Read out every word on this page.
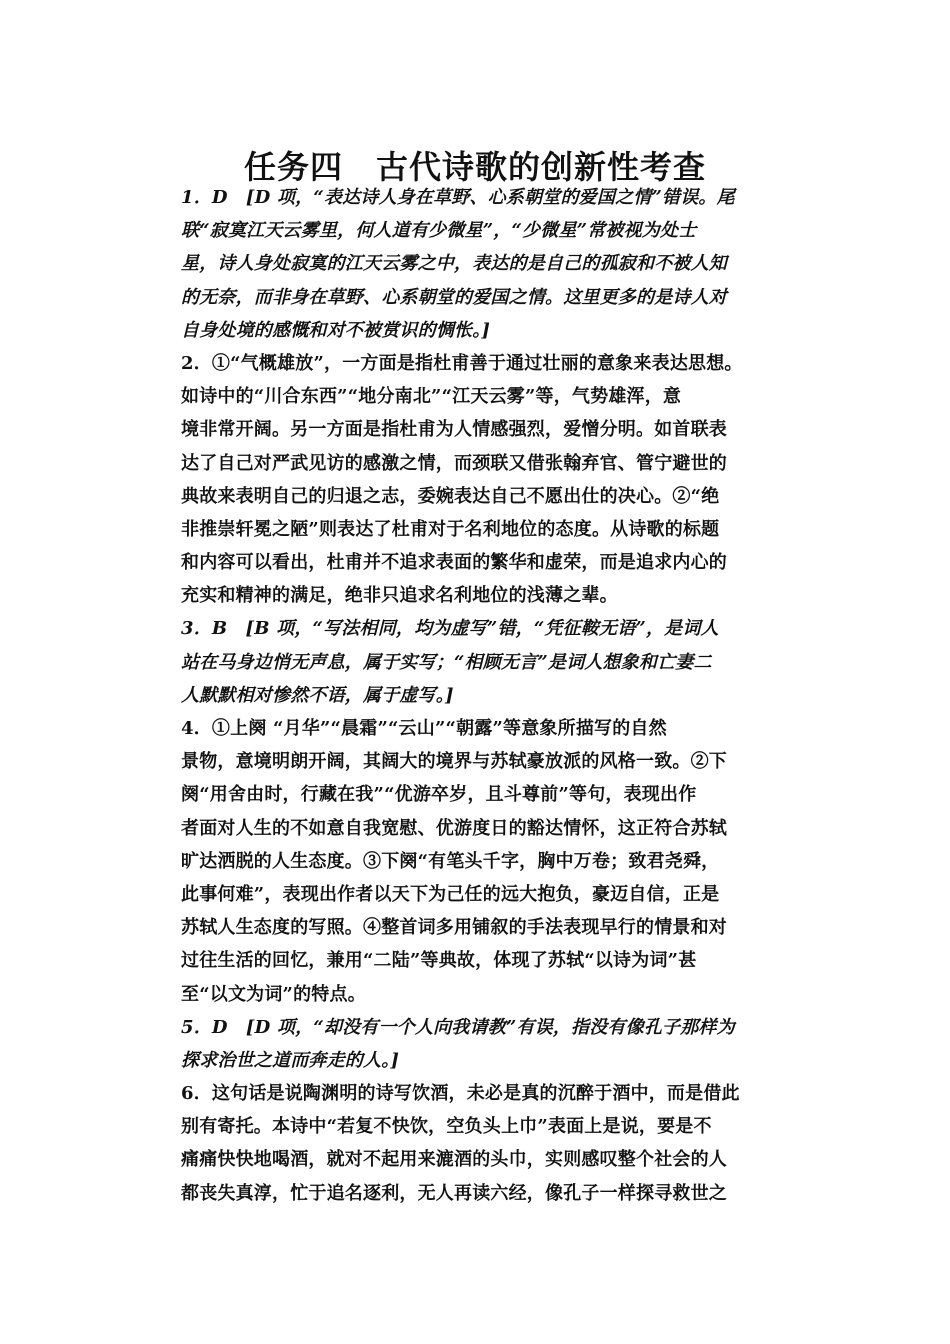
任务四　古代诗歌的创新性考查
1．D　[D 项，“表达诗人身在草野、心系朝堂的爱国之情”错误。尾
联“寂寞江天云雾里，何人道有少微星”，“少微星”常被视为处士
星，诗人身处寂寞的江天云雾之中，表达的是自己的孤寂和不被人知
的无奈，而非身在草野、心系朝堂的爱国之情。这里更多的是诗人对
自身处境的感慨和对不被赏识的惆怅。]
2．①“气概雄放”，一方面是指杜甫善于通过壮丽的意象来表达思想。
如诗中的“川合东西”“地分南北”“江天云雾”等，气势雄浑，意
境非常开阔。另一方面是指杜甫为人情感强烈，爱憎分明。如首联表
达了自己对严武见访的感激之情，而颈联又借张翰弃官、管宁避世的
典故来表明自己的归退之志，委婉表达自己不愿出仕的决心。②“绝
非推崇轩冕之陋”则表达了杜甫对于名利地位的态度。从诗歌的标题
和内容可以看出，杜甫并不追求表面的繁华和虚荣，而是追求内心的
充实和精神的满足，绝非只追求名利地位的浅薄之辈。
3．B　[B 项，“写法相同，均为虚写”错，“凭征鞍无语”，是词人
站在马身边悄无声息，属于实写；“相顾无言”是词人想象和亡妻二
人默默相对惨然不语，属于虚写。]
4．①上阕 “月华”“晨霜”“云山”“朝露”等意象所描写的自然
景物，意境明朗开阔，其阔大的境界与苏轼豪放派的风格一致。②下
阕“用舍由时，行藏在我”“优游卒岁，且斗尊前”等句，表现出作
者面对人生的不如意自我宽慰、优游度日的豁达情怀，这正符合苏轼
旷达洒脱的人生态度。③下阕“有笔头千字，胸中万卷；致君尧舜，
此事何难”，表现出作者以天下为己任的远大抱负，豪迈自信，正是
苏轼人生态度的写照。④整首词多用铺叙的手法表现早行的情景和对
过往生活的回忆，兼用“二陆”等典故，体现了苏轼“以诗为词”甚
至“以文为词”的特点。
5．D　[D 项，“却没有一个人向我请教”有误，指没有像孔子那样为
探求治世之道而奔走的人。]
6．这句话是说陶渊明的诗写饮酒，未必是真的沉醉于酒中，而是借此
别有寄托。本诗中“若复不快饮，空负头上巾”表面上是说，要是不
痛痛快快地喝酒，就对不起用来漉酒的头巾，实则感叹整个社会的人
都丧失真淳，忙于追名逐利，无人再读六经，像孔子一样探寻救世之
